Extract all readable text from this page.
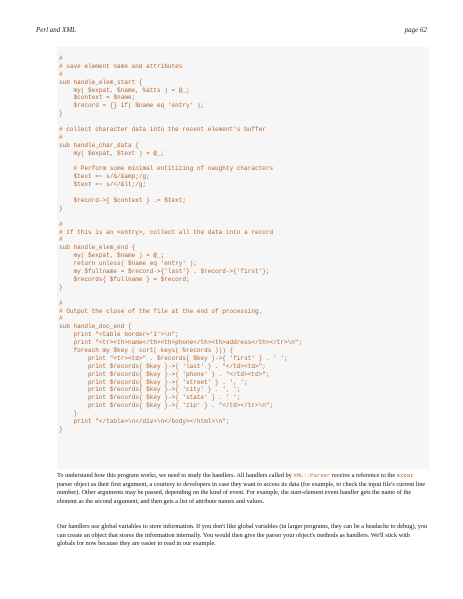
Perl and XML	page 62
#
# save element name and attributes
#
sub handle_elem_start {
my( $expat, $name, %atts ) = @_;
$context = $name;
$record = {} if( $name eq 'entry' );
}
# collect character data into the recent element's buffer
#
sub handle_char_data {
my( $expat, $text ) = @_;
# Perform some minimal entitizing of naughty characters
$text =~ s/&/&amp;/g;
$text =~ s/</&lt;/g;
$record->{ $context } .= $text;
}
#
# if this is an <entry>, collect all the data into a record
#
sub handle_elem_end {
my( $expat, $name ) = @_;
return unless( $name eq 'entry' );
my $fullname = $record->{'last'} . $record->{'first'};
$records{ $fullname } = $record;
}
#
# Output the close of the file at the end of processing.
#
sub handle_doc_end {
print "<table border='1'>\n";
print "<tr><th>name</th><th>phone</th><th>address</th></tr>\n";
foreach my $key ( sort( keys( %records ))) {
print "<tr><td>" . $records{ $key }->{ 'first' } . ' ';
print $records{ $key }->{ 'last' } . "</td><td>";
print $records{ $key }->{ 'phone' } . "</td><td>";
print $records{ $key }->{ 'street' } . ', ';
print $records{ $key }->{ 'city' } . ', ';
print $records{ $key }->{ 'state' } . ' ';
print $records{ $key }->{ 'zip' } . "</td></tr>\n";
}
print "</table>\n</div>\n</body></html>\n";
}

To understand how this program works, we need to study the handlers. All handlers called by XML::Parser receive a reference to the expat parser object as their first argument, a courtesy to developers in case they want to access its data (for example, to check the input file's current line number). Other arguments may be passed, depending on the kind of event. For example, the start-element event handler gets the name of the element as the second argument, and then gets a list of attribute names and values.

Our handlers use global variables to store information. If you don't like global variables (in larger programs, they can be a headache to debug), you can create an object that stores the information internally. You would then give the parser your object's methods as handlers. We'll stick with globals for now because they are easier to read in our example.
